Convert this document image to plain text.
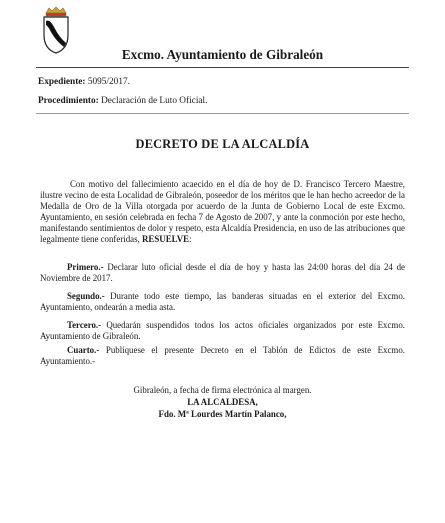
Excmo. Ayuntamiento de Gibraleón
Expediente: 5095/2017.
Procedimiento: Declaración de Luto Oficial.
DECRETO DE LA ALCALDÍA
Con motivo del fallecimiento acaecido en el día de hoy de D. Francisco Tercero Maestre, ilustre vecino de esta Localidad de Gibraleón, poseedor de los méritos que le han hecho acreedor de la Medalla de Oro de la Villa otorgada por acuerdo de la Junta de Gobierno Local de este Excmo. Ayuntamiento, en sesión celebrada en fecha 7 de Agosto de 2007, y ante la conmoción por este hecho, manifestando sentimientos de dolor y respeto, esta Alcaldía Presidencia, en uso de las atribuciones que legalmente tiene conferidas, RESUELVE:
Primero.- Declarar luto oficial desde el día de hoy y hasta las 24:00 horas del día 24 de Noviembre de 2017.
Segundo.- Durante todo este tiempo, las banderas situadas en el exterior del Excmo. Ayuntamiento, ondearán a media asta.
Tercero.- Quedarán suspendidos todos los actos oficiales organizados por este Excmo. Ayuntamiento de Gibraleón.
Cuarto.- Publíquese el presente Decreto en el Tablón de Edictos de este Excmo. Ayuntamiento.-
Gibraleón, a fecha de firma electrónica al margen.
LA ALCALDESA,
Fdo. Mª Lourdes Martín Palanco,
